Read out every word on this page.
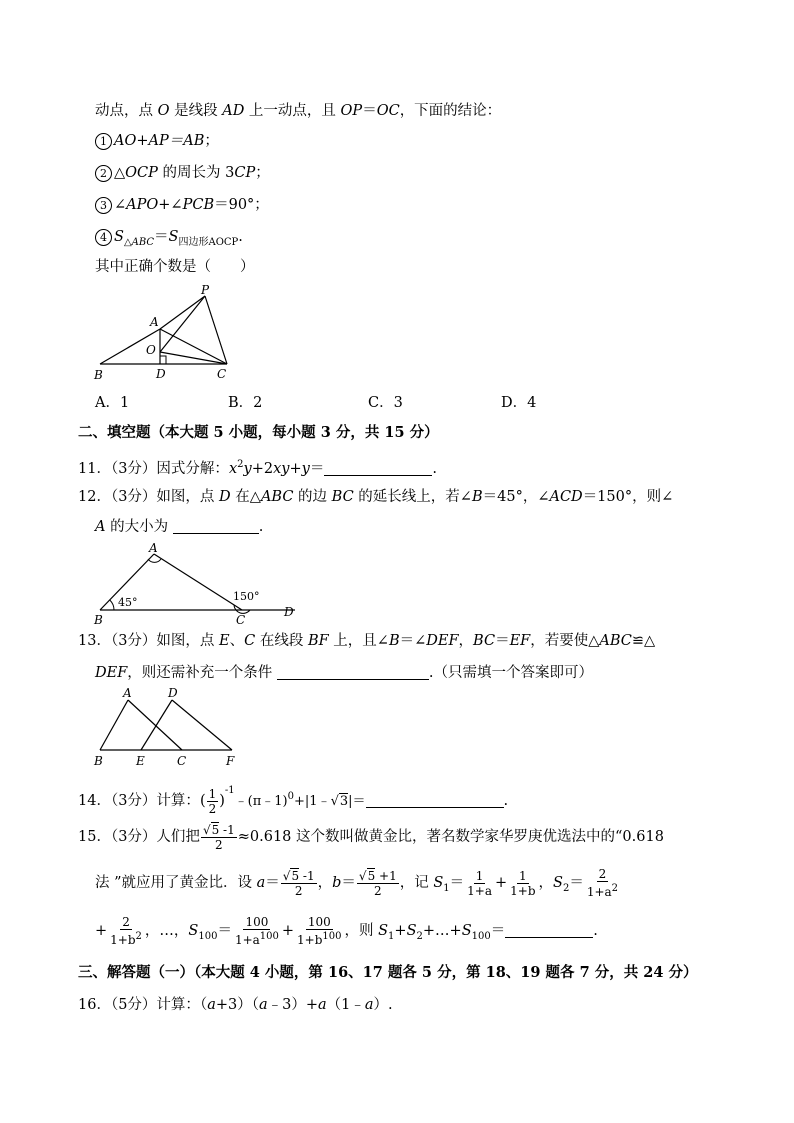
动点，点 O 是线段 AD 上一动点，且 OP＝OC，下面的结论：
1 AO+AP＝AB；
2 △OCP 的周长为 3CP；
3 ∠APO+∠PCB＝90°；
4 $S_{\triangle ABC}=S_{四边形AOCP}$.
其中正确个数是（　　）
P
A
O
B	D	C
A．1	B．2	C．3	D．4
二、填空题（本大题 5 小题，每小题 3 分，共 15 分）
11．（3分）因式分解：$x^2y+2xy+y=$	.
12．（3分）如图，点 D 在△ABC 的边 BC 的延长线上，若∠B＝45°，∠ACD＝150°，则∠
A 的大小为	.
A
B	C
D
45°	150°
13．（3分）如图，点 E、C 在线段 BF 上，且∠B＝∠DEF，BC＝EF，若要使△ABC≌△
DEF，则还需补充一个条件	.（只需填一个答案即可）
A	D
B	E	C	F
14．（3分）计算：( $\frac{1}{2}$ )$^{-1}$﹣(π﹣1)$^0$+|1﹣√3|＝	.
15．（3分）人们把 $\frac{√5 -1}{2} \approx 0.618$ 这个数叫做黄金比，著名数学家华罗庚优选法中的“0.618
法 ”就应用了黄金比．设 $a= \frac{√5 -1}{2}$ ，$b= \frac{√5 +1}{2}$ ，记 $S_1= \frac{1}{1+a} + \frac{1}{1+b}$ ，$S_2= \frac{2}{1+a^2}$
+ $\frac{2}{1+b^2}$ ，…，$S_{100}= \frac{100}{1+a^{100}} + \frac{100}{1+b^{100}}$ ，则 $S_1+S_2+\dots+S_{100}=$	.
三、解答题（一）（本大题 4 小题，第 16、17 题各 5 分，第 18、19 题各 7 分，共 24 分）
16．（5分）计算：（a+3）（a﹣3）+a（1﹣a）.
